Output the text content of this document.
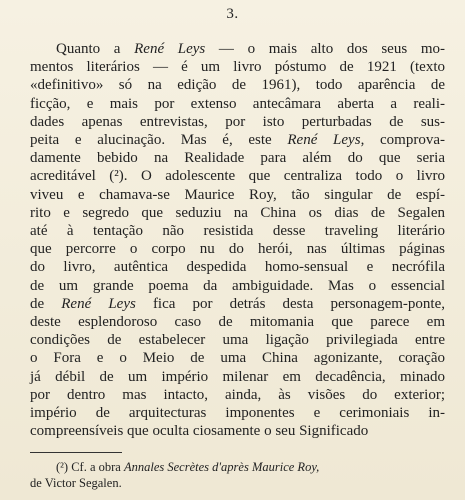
3.
Quanto a René Leys — o mais alto dos seus mo-
mentos literários — é um livro póstumo de 1921 (texto
«definitivo» só na edição de 1961), todo aparência de
ficção, e mais por extenso antecâmara aberta a reali-
dades apenas entrevistas, por isto perturbadas de sus-
peita e alucinação. Mas é, este René Leys, comprova-
damente bebido na Realidade para além do que seria
acreditável (²). O adolescente que centraliza todo o livro
viveu e chamava-se Maurice Roy, tão singular de espí-
rito e segredo que seduziu na China os dias de Segalen
até à tentação não resistida desse traveling literário
que percorre o corpo nu do herói, nas últimas páginas
do livro, autêntica despedida homo-sensual e necrófila
de um grande poema da ambiguidade. Mas o essencial
de René Leys fica por detrás desta personagem-ponte,
deste esplendoroso caso de mitomania que parece em
condições de estabelecer uma ligação privilegiada entre
o Fora e o Meio de uma China agonizante, coração
já débil de um império milenar em decadência, minado
por dentro mas intacto, ainda, às visões do exterior;
império de arquitecturas imponentes e cerimoniais in-
compreensíveis que oculta ciosamente o seu Significado
(²) Cf. a obra Annales Secrètes d'après Maurice Roy,
de Victor Segalen.
